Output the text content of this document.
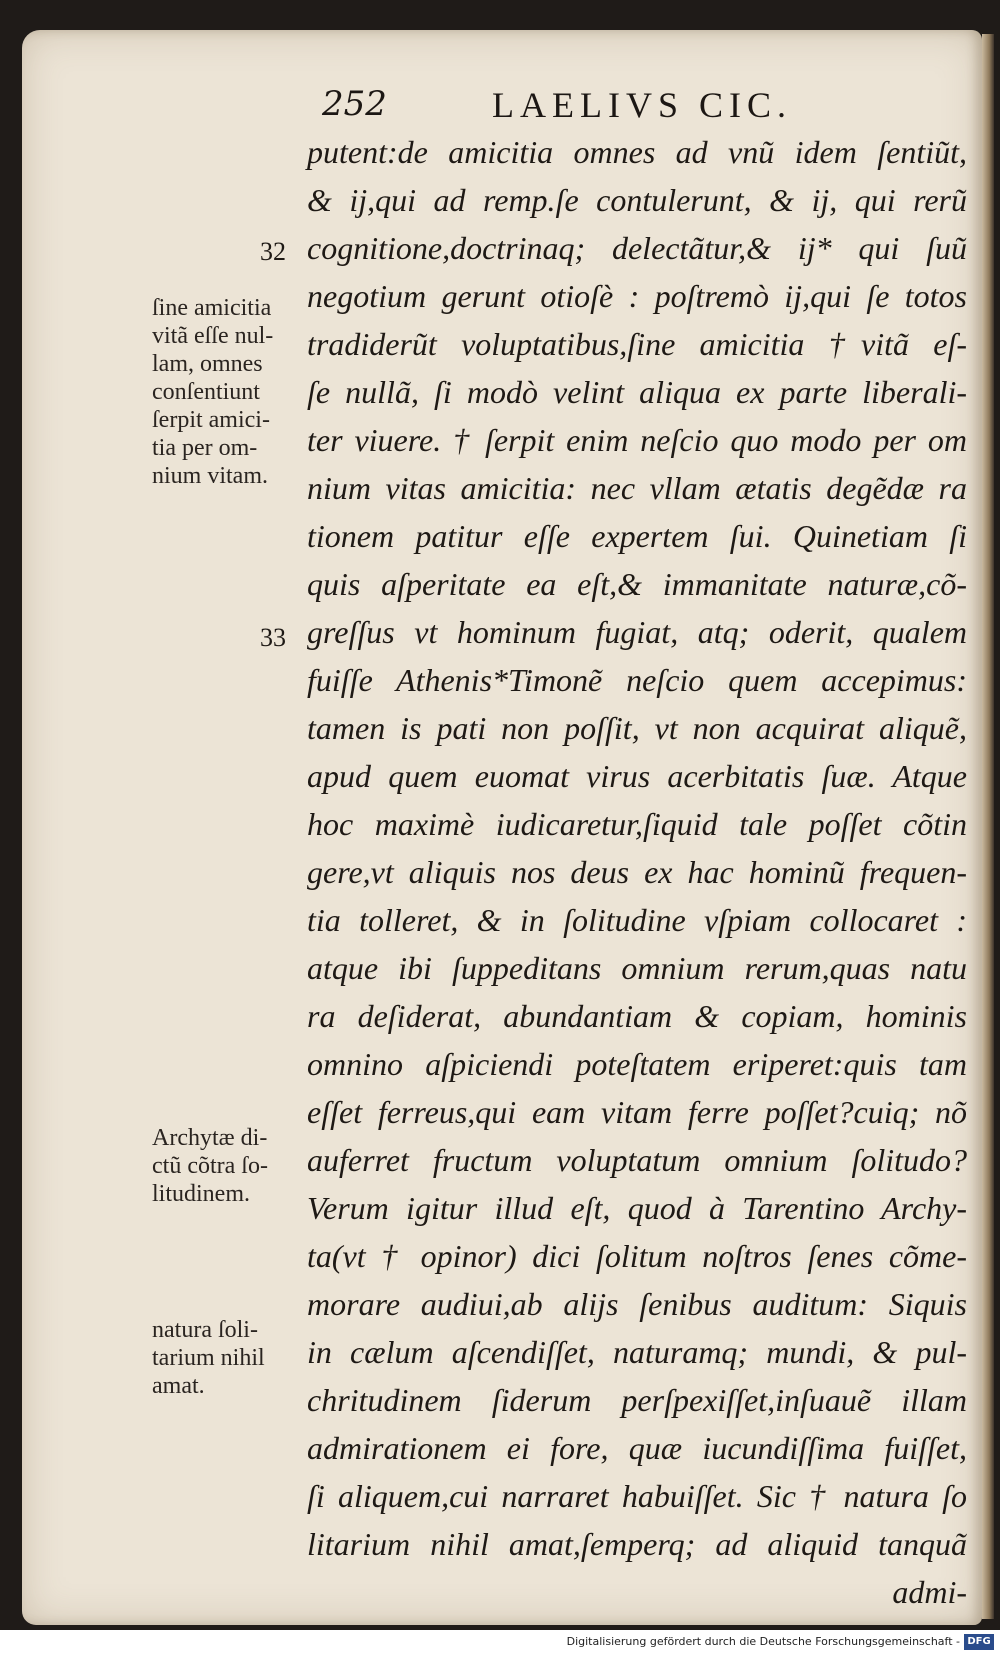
252	LAELIVS CIC.
32
33
ſine amicitia
vitã eſſe nul-
lam, omnes
conſentiunt
ſerpit amici-
tia per om-
nium vitam.
Archytæ di-
ctũ cõtra ſo-
litudinem.
natura ſoli-
tarium nihil
amat.
putent:de amicitia omnes ad vnũ idem ſentiũt,
& ij,qui ad remp.ſe contulerunt, & ij, qui rerũ
cognitione,doctrinaq; delectãtur,& ij* qui ſuũ
negotium gerunt otioſè : poſtremò ij,qui ſe totos
tradiderũt voluptatibus,ſine amicitia †vitã eſ-
ſe nullã, ſi modò velint aliqua ex parte liberali-
ter viuere. † ſerpit enim neſcio quo modo per om
nium vitas amicitia: nec vllam ætatis degẽdæ ra
tionem patitur eſſe expertem ſui. Quinetiam ſi
quis aſperitate ea eſt,& immanitate naturæ,cõ-
greſſus vt hominum fugiat, atq; oderit, qualem
fuiſſe Athenis*Timonẽ neſcio quem accepimus:
tamen is pati non poſſit, vt non acquirat aliquẽ,
apud quem euomat virus acerbitatis ſuæ. Atque
hoc maximè iudicaretur,ſiquid tale poſſet cõtin
gere,vt aliquis nos deus ex hac hominũ frequen-
tia tolleret, & in ſolitudine vſpiam collocaret :
atque ibi ſuppeditans omnium rerum,quas natu
ra deſiderat, abundantiam & copiam, hominis
omnino aſpiciendi poteſtatem eriperet:quis tam
eſſet ferreus,qui eam vitam ferre poſſet?cuiq; nõ
auferret fructum voluptatum omnium ſolitudo?
Verum igitur illud eſt, quod à Tarentino Archy-
ta(vt † opinor) dici ſolitum noſtros ſenes cõme-
morare audiui,ab alijs ſenibus auditum: Siquis
in cælum aſcendiſſet, naturamq; mundi, & pul-
chritudinem ſiderum perſpexiſſet,inſuauẽ illam
admirationem ei fore, quæ iucundiſſima fuiſſet,
ſi aliquem,cui narraret habuiſſet. Sic † natura ſo
litarium nihil amat,ſemperq; ad aliquid tanquã
admi-
Digitalisierung gefördert durch die Deutsche Forschungsgemeinschaft - DFG
